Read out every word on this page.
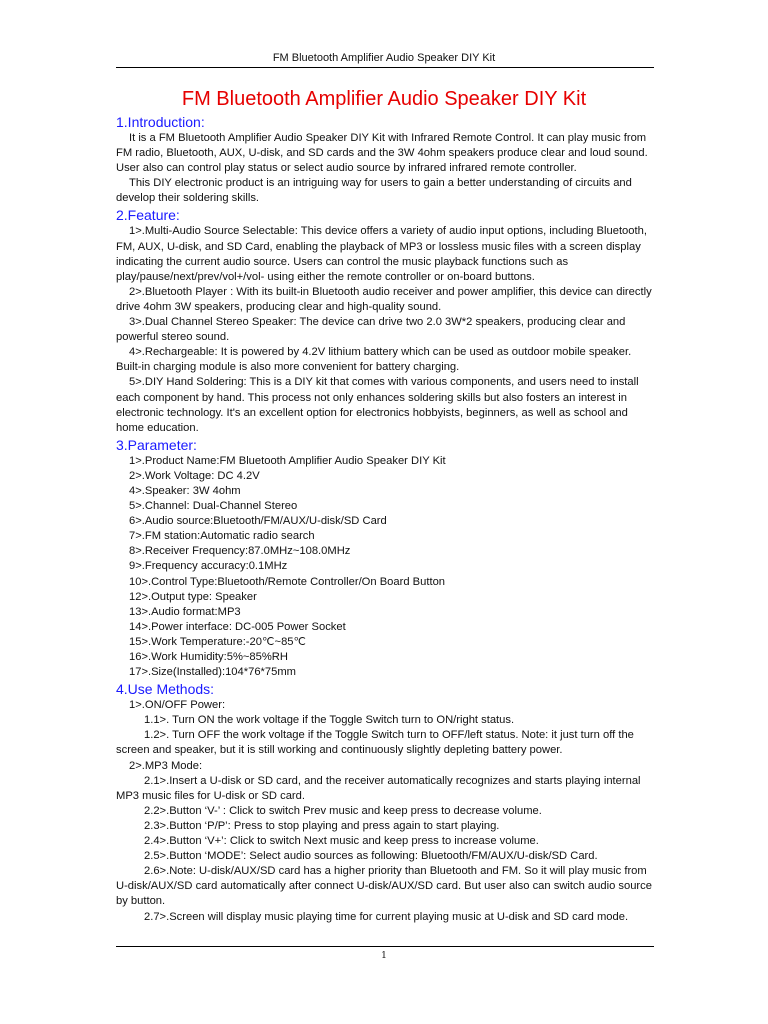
FM Bluetooth Amplifier Audio Speaker DIY Kit
FM Bluetooth Amplifier Audio Speaker DIY Kit
1.Introduction:

It is a FM Bluetooth Amplifier Audio Speaker DIY Kit with Infrared Remote Control. It can play music from FM radio, Bluetooth, AUX, U-disk, and SD cards and the 3W 4ohm speakers produce clear and loud sound. User also can control play status or select audio source by infrared infrared remote controller.

This DIY electronic product is an intriguing way for users to gain a better understanding of circuits and develop their soldering skills.

2.Feature:

1>.Multi-Audio Source Selectable: This device offers a variety of audio input options, including Bluetooth, FM, AUX, U-disk, and SD Card, enabling the playback of MP3 or lossless music files with a screen display indicating the current audio source. Users can control the music playback functions such as play/pause/next/prev/vol+/vol- using either the remote controller or on-board buttons.

2>.Bluetooth Player : With its built-in Bluetooth audio receiver and power amplifier, this device can directly drive 4ohm 3W speakers, producing clear and high-quality sound.

3>.Dual Channel Stereo Speaker: The device can drive two 2.0 3W*2 speakers, producing clear and powerful stereo sound.

4>.Rechargeable: It is powered by 4.2V lithium battery which can be used as outdoor mobile speaker. Built-in charging module is also more convenient for battery charging.

5>.DIY Hand Soldering: This is a DIY kit that comes with various components, and users need to install each component by hand. This process not only enhances soldering skills but also fosters an interest in electronic technology. It's an excellent option for electronics hobbyists, beginners, as well as school and home education.

3.Parameter:

1>.Product Name:FM Bluetooth Amplifier Audio Speaker DIY Kit

2>.Work Voltage: DC 4.2V

4>.Speaker: 3W 4ohm

5>.Channel: Dual-Channel Stereo

6>.Audio source:Bluetooth/FM/AUX/U-disk/SD Card

7>.FM station:Automatic radio search

8>.Receiver Frequency:87.0MHz~108.0MHz

9>.Frequency accuracy:0.1MHz

10>.Control Type:Bluetooth/Remote Controller/On Board Button

12>.Output type: Speaker

13>.Audio format:MP3

14>.Power interface: DC-005 Power Socket

15>.Work Temperature:-20℃~85℃

16>.Work Humidity:5%~85%RH

17>.Size(Installed):104*76*75mm

4.Use Methods:

1>.ON/OFF Power:

1.1>. Turn ON the work voltage if the Toggle Switch turn to ON/right status.

1.2>. Turn OFF the work voltage if the Toggle Switch turn to OFF/left status. Note: it just turn off the screen and speaker, but it is still working and continuously slightly depleting battery power.

2>.MP3 Mode:

2.1>.Insert a U-disk or SD card, and the receiver automatically recognizes and starts playing internal MP3 music files for U-disk or SD card.

2.2>.Button ‘V-’ : Click to switch Prev music and keep press to decrease volume.

2.3>.Button ‘P/P’: Press to stop playing and press again to start playing.

2.4>.Button ‘V+’: Click to switch Next music and keep press to increase volume.

2.5>.Button ‘MODE’: Select audio sources as following: Bluetooth/FM/AUX/U-disk/SD Card.

2.6>.Note: U-disk/AUX/SD card has a higher priority than Bluetooth and FM. So it will play music from U-disk/AUX/SD card automatically after connect U-disk/AUX/SD card. But user also can switch audio source by button.

2.7>.Screen will display music playing time for current playing music at U-disk and SD card mode.

1
